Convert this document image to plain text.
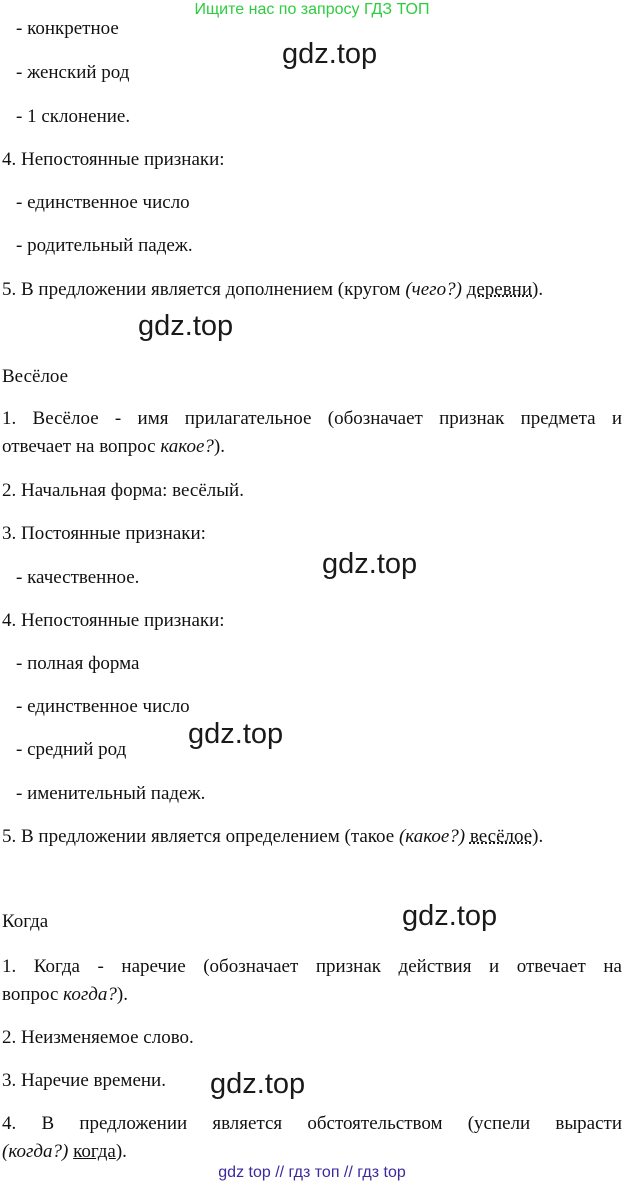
Ищите нас по запросу ГДЗ ТОП
- конкретное
- женский род
- 1 склонение.
4. Непостоянные признаки:
- единственное число
- родительный падеж.
5. В предложении является дополнением (кругом (чего?) деревни).
Весёлое
1. Весёлое - имя прилагательное (обозначает признак предмета и
отвечает на вопрос какое?).
2. Начальная форма: весёлый.
3. Постоянные признаки:
- качественное.
4. Непостоянные признаки:
- полная форма
- единственное число
- средний род
- именительный падеж.
5. В предложении является определением (такое (какое?) весёлое).
Когда
1. Когда - наречие (обозначает признак действия и отвечает на
вопрос когда?).
2. Неизменяемое слово.
3. Наречие времени.
4. В предложении является обстоятельством (успели вырасти
(когда?) когда).
gdz.top
gdz.top
gdz.top
gdz.top
gdz.top
gdz.top
gdz top // гдз топ // гдз top
